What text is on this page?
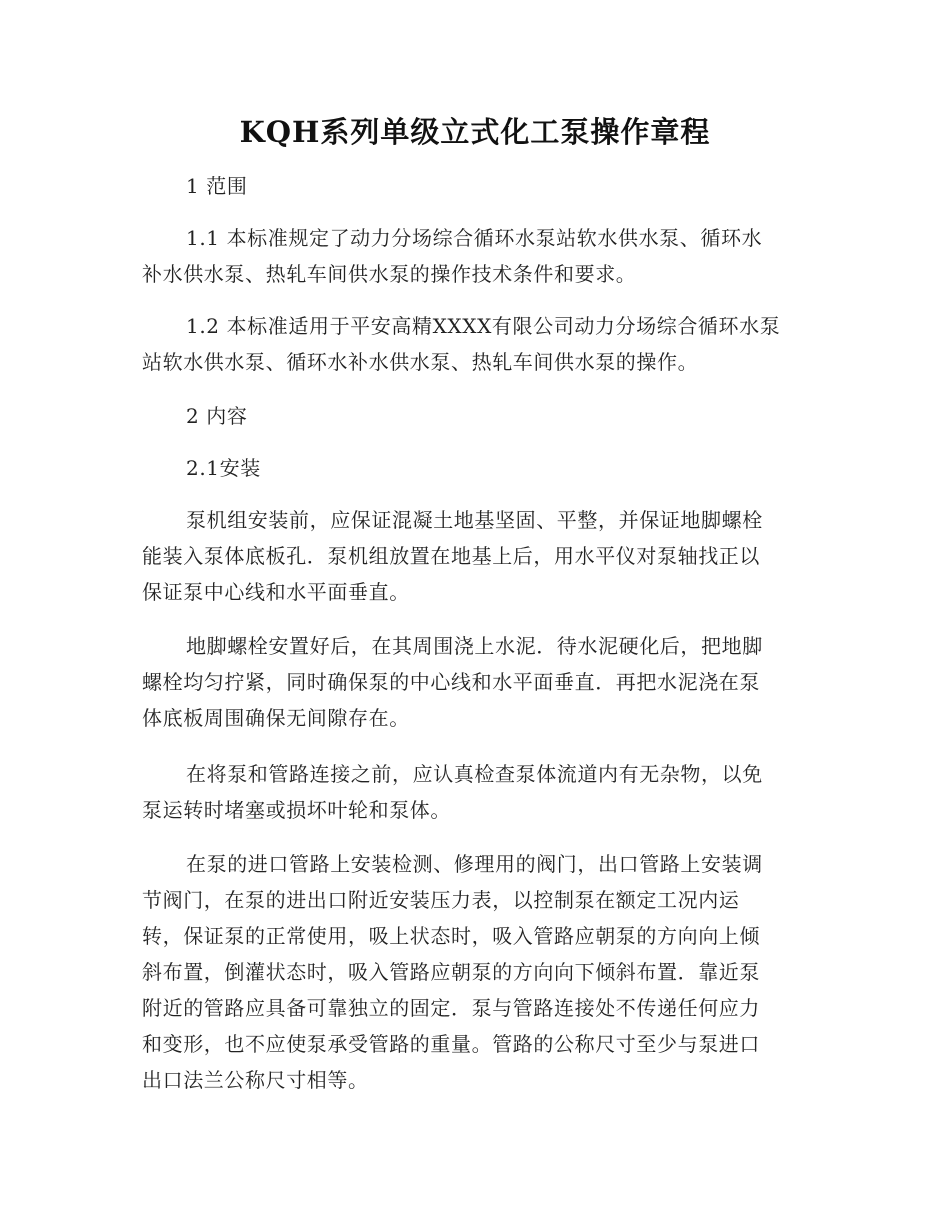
KQH系列单级立式化工泵操作章程
1 范围
1.1 本标准规定了动力分场综合循环水泵站软水供水泵、循环水
补水供水泵、热轧车间供水泵的操作技术条件和要求。
1.2 本标准适用于平安高精XXXX有限公司动力分场综合循环水泵
站软水供水泵、循环水补水供水泵、热轧车间供水泵的操作。
2 内容
2.1安装
泵机组安装前，应保证混凝土地基坚固、平整，并保证地脚螺栓
能装入泵体底板孔．泵机组放置在地基上后，用水平仪对泵轴找正以
保证泵中心线和水平面垂直。
地脚螺栓安置好后，在其周围浇上水泥．待水泥硬化后，把地脚
螺栓均匀拧紧，同时确保泵的中心线和水平面垂直．再把水泥浇在泵
体底板周围确保无间隙存在。
在将泵和管路连接之前，应认真检查泵体流道内有无杂物，以免
泵运转时堵塞或损坏叶轮和泵体。
在泵的进口管路上安装检测、修理用的阀门，出口管路上安装调
节阀门，在泵的进出口附近安装压力表，以控制泵在额定工况内运
转，保证泵的正常使用，吸上状态时，吸入管路应朝泵的方向向上倾
斜布置，倒灌状态时，吸入管路应朝泵的方向向下倾斜布置．靠近泵
附近的管路应具备可靠独立的固定．泵与管路连接处不传递任何应力
和变形，也不应使泵承受管路的重量。管路的公称尺寸至少与泵进口
出口法兰公称尺寸相等。
